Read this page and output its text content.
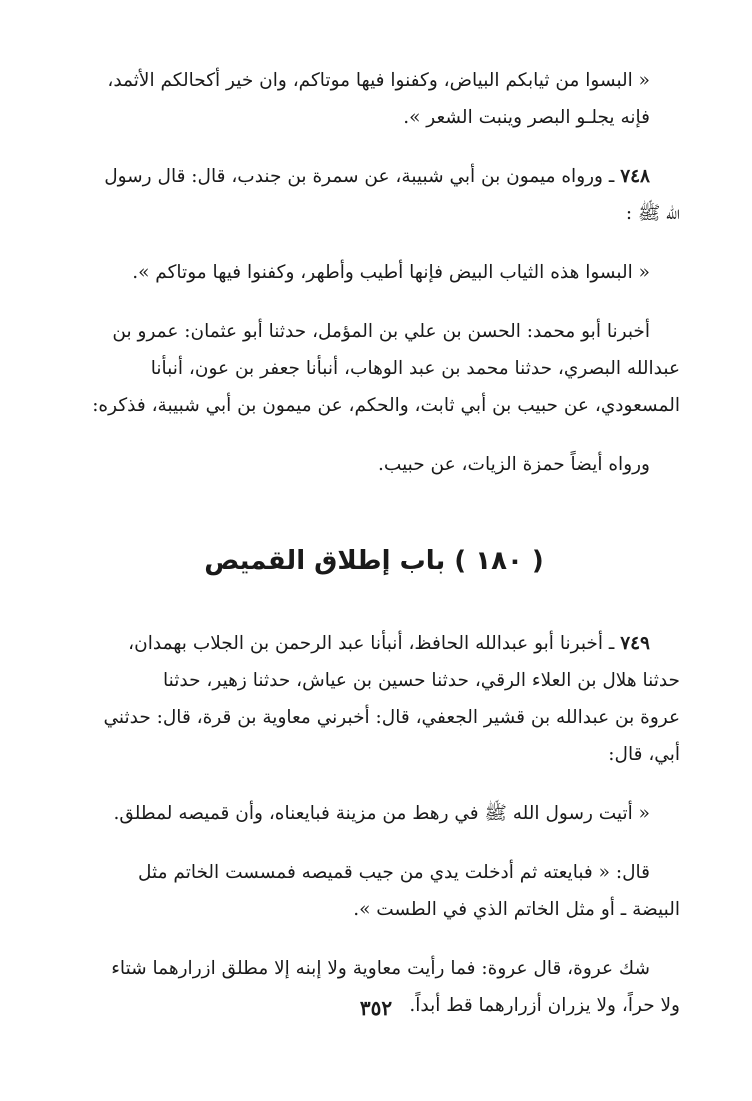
« البسوا من ثيابكم البياض، وكفنوا فيها موتاكم، وان خير أكحالكم الأثمد،
فإنه يجلـو البصر وينبت الشعر ».

٧٤٨ ـ ورواه ميمون بن أبي شبيبة، عن سمرة بن جندب، قال: قال رسول
الله ﷺ :

« البسوا هذه الثياب البيض فإنها أطيب وأطهر، وكفنوا فيها موتاكم ».

أخبرنا أبو محمد: الحسن بن علي بن المؤمل، حدثنا أبو عثمان: عمرو بن
عبدالله البصري، حدثنا محمد بن عبد الوهاب، أنبأنا جعفر بن عون، أنبأنا
المسعودي، عن حبيب بن أبي ثابت، والحكم، عن ميمون بن أبي شبيبة، فذكره:

ورواه أيضاً حمزة الزيات، عن حبيب.

( ١٨٠ ) باب إطلاق القميص

٧٤٩ ـ أخبرنا أبو عبدالله الحافظ، أنبأنا عبد الرحمن بن الجلاب بهمدان،
حدثنا هلال بن العلاء الرقي، حدثنا حسين بن عياش، حدثنا زهير، حدثنا
عروة بن عبدالله بن قشير الجعفي، قال: أخبرني معاوية بن قرة، قال: حدثني
أبي، قال:

« أتيت رسول الله ﷺ في رهط من مزينة فبايعناه، وأن قميصه لمطلق.

قال: « فبايعته ثم أدخلت يدي من جيب قميصه فمسست الخاتم مثل
البيضة ـ أو مثل الخاتم الذي في الطست ».

شك عروة، قال عروة: فما رأيت معاوية ولا إبنه إلا مطلق ازرارهما شتاء
ولا حراً، ولا يزران أزرارهما قط أبداً.

٣٥٢
